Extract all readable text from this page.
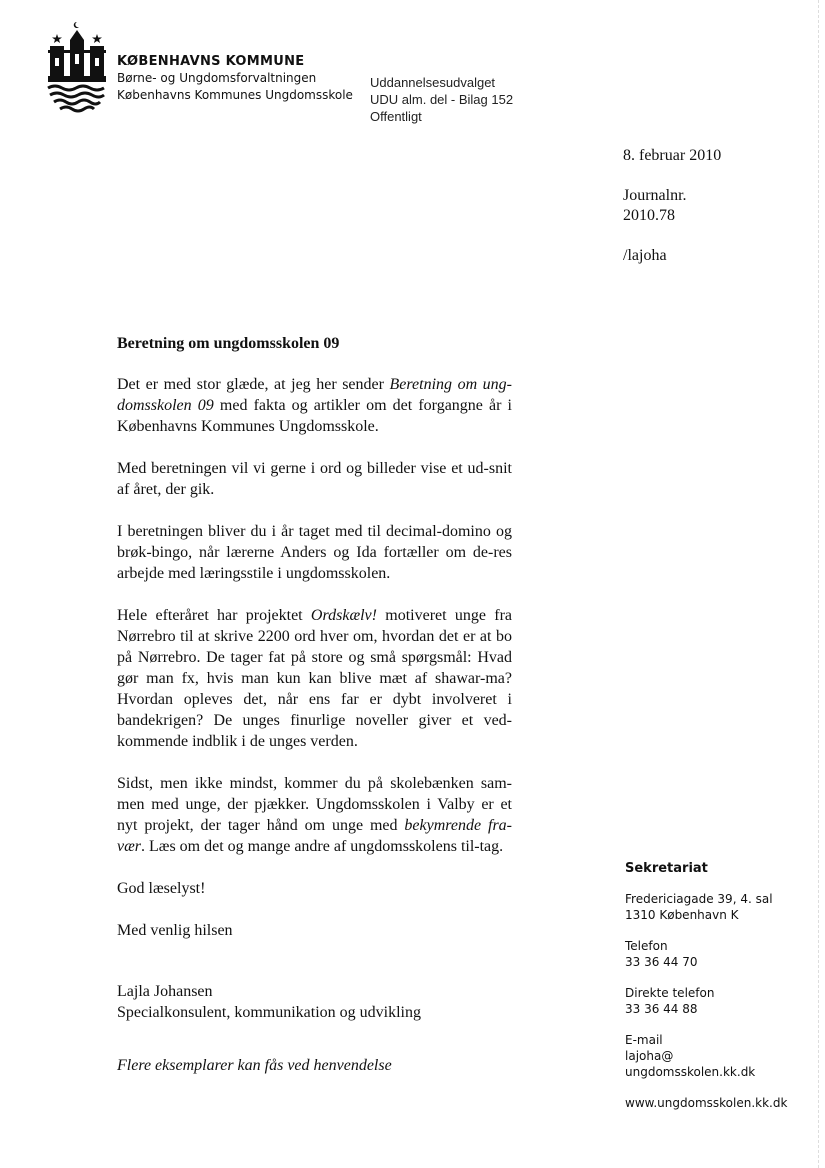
KØBENHAVNS KOMMUNE
Børne- og Ungdomsforvaltningen
Københavns Kommunes Ungdomsskole
Uddannelsesudvalget
UDU alm. del - Bilag 152
Offentligt
8. februar 2010
Journalnr.
2010.78
/lajoha
Beretning om ungdomsskolen 09

Det er med stor glæde, at jeg her sender Beretning om ung-domsskolen 09 med fakta og artikler om det forgangne år i Københavns Kommunes Ungdomsskole.

Med beretningen vil vi gerne i ord og billeder vise et ud-snit af året, der gik.

I beretningen bliver du i år taget med til decimal-domino og brøk-bingo, når lærerne Anders og Ida fortæller om de-res arbejde med læringsstile i ungdomsskolen.

Hele efteråret har projektet Ordskælv! motiveret unge fra Nørrebro til at skrive 2200 ord hver om, hvordan det er at bo på Nørrebro. De tager fat på store og små spørgsmål: Hvad gør man fx, hvis man kun kan blive mæt af shawar-ma? Hvordan opleves det, når ens far er dybt involveret i bandekrigen? De unges finurlige noveller giver et ved-kommende indblik i de unges verden.

Sidst, men ikke mindst, kommer du på skolebænken sam-men med unge, der pjækker. Ungdomsskolen i Valby er et nyt projekt, der tager hånd om unge med bekymrende fra-vær. Læs om det og mange andre af ungdomsskolens til-tag.

God læselyst!

Med venlig hilsen

Lajla Johansen
Specialkonsulent, kommunikation og udvikling
Flere eksemplarer kan fås ved henvendelse
Sekretariat
Fredericiagade 39, 4. sal
1310 København K
Telefon
33 36 44 70
Direkte telefon
33 36 44 88
E-mail
lajoha@
ungdomsskolen.kk.dk
www.ungdomsskolen.kk.dk
